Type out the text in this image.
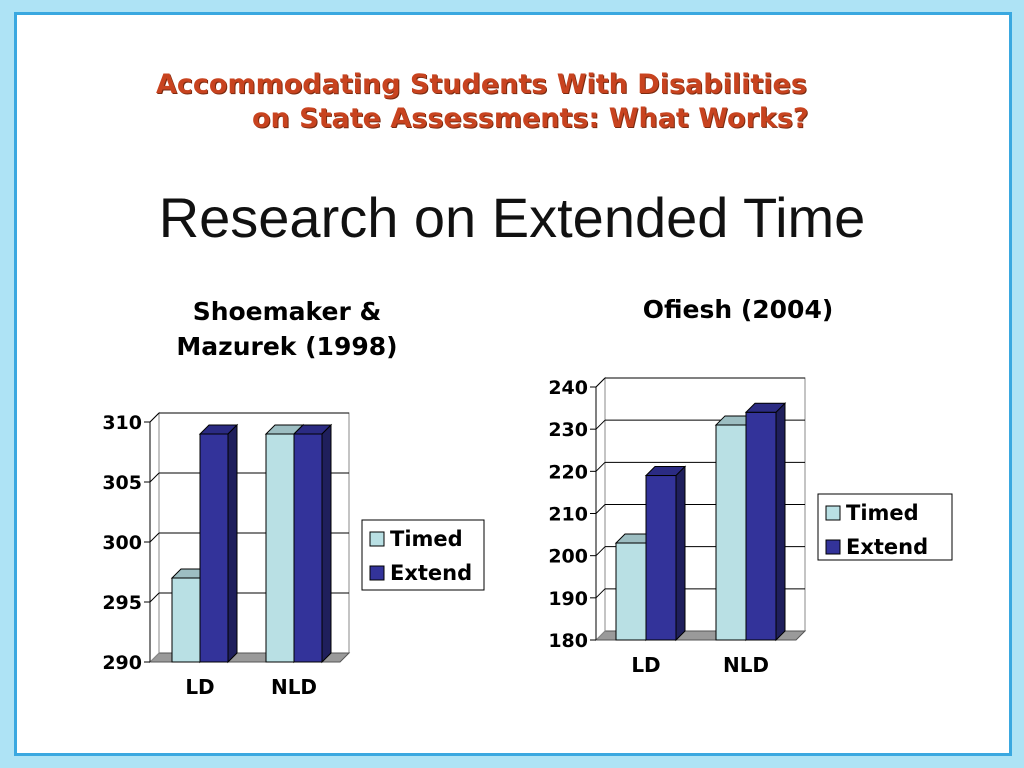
Accommodating Students With Disabilities
on State Assessments: What Works?
Research on Extended Time
Shoemaker &
Mazurek (1998)
Ofiesh (2004)
290
295
300
305
310
LD	NLD
Timed
Extend
180
190
200
210
220
230
240
LD	NLD
Timed
Extend
